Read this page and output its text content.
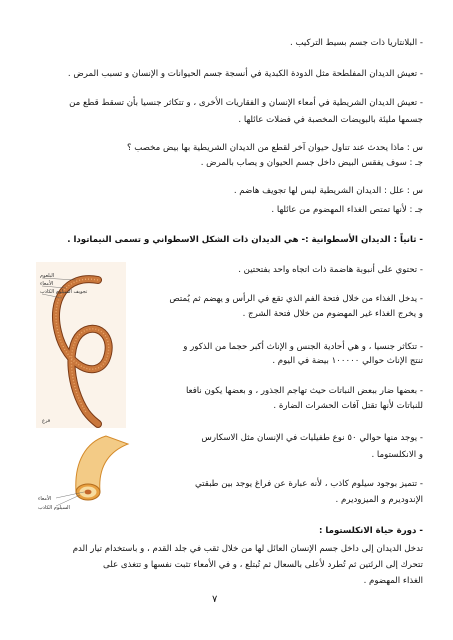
- البلانتاريا ذات جسم بسيط التركيب .
- تعيش الديدان المفلطحة مثل الدودة الكبدية في أنسجة جسم الحيوانات و الإنسان و تسبب المرض .
- تعيش الديدان الشريطية في أمعاء الإنسان و الفقاريات الأخرى ، و تتكاثر جنسيا بأن تسقط قطع من
جسمها مليئة بالبويضات المخصبة في فضلات عائلها .
س : ماذا يحدث عند تناول حيوان آخر لقطع من الديدان الشريطية بها بيض مخصب ؟
جـ : سوف يفقس البيض داخل جسم الحيوان و يصاب بالمرض .
س : علل : الديدان الشريطية ليس لها تجويف هاضم .
جـ : لأنها تمتص الغذاء المهضوم من عائلها .
- ثانياً : الديدان الأسطوانية :- هي الديدان ذات الشكل الاسطواني و تسمى النيماتودا .
- تحتوي على أنبوبة هاضمة ذات اتجاه واحد بفتحتين .
- يدخل الغذاء من خلال فتحة الفم الذي تقع في الرأس و يهضم ثم يُمتص
و يخرج الغذاء غير المهضوم من خلال فتحة الشرج .
- تتكاثر جنسيا ، و هي أحادية الجنس و الإناث أكبر حجما من الذكور و
تنتج الإناث حوالي ١٠٠٠٠٠ بيضة في اليوم .
- بعضها ضار ببعض النباتات حيث تهاجم الجذور ، و بعضها يكون نافعا
للنباتات لأنها تقتل آفات الحشرات الضارة .
- يوجد منها حوالي ٥٠ نوع طفيليات في الإنسان مثل الاسكارس
و الانكلستوما .
- تتميز بوجود سيلوم كاذب ، لأنه عبارة عن فراغ يوجد بين طبقتي
الإندوديرم و الميزوديرم .
- دورة حياة الانكلستوما :
تدخل الديدان إلى داخل جسم الإنسان العائل لها من خلال ثقب في جلد القدم ، و باستخدام تيار الدم
تتحرك إلى الرئتين ثم تُطرد لأعلى بالسعال ثم تُبتلع ، و في الأمعاء تثبت نفسها و تتغذى على
الغذاء المهضوم .
البلعوم
الأمعاء
تجويف السيلوم الكاذب
فرع
الأمعاء
السيلوم الكاذب
٧
